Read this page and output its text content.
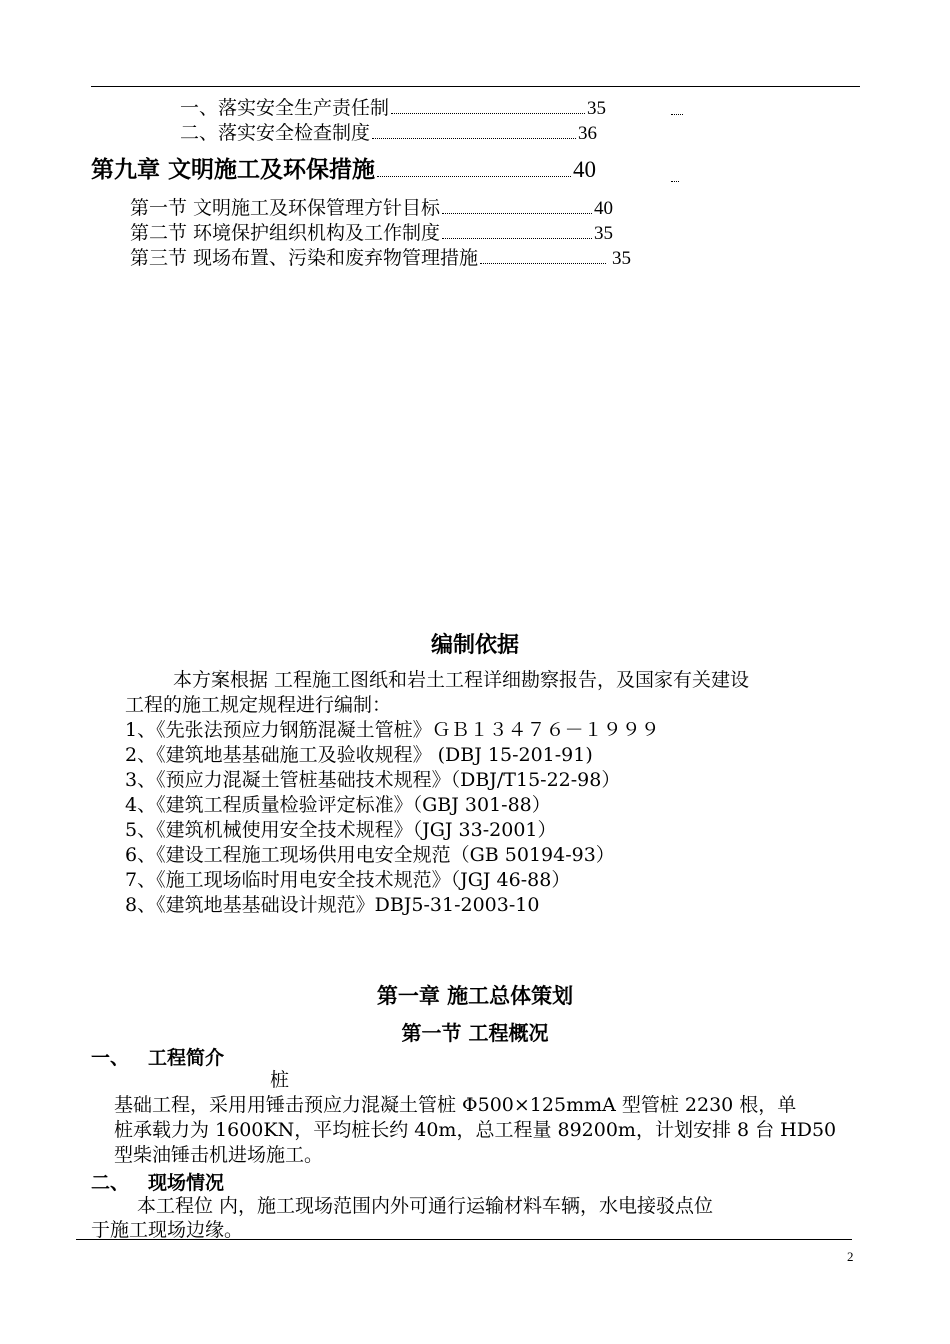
一、落实安全生产责任制	35
二、落实安全检查制度	36
第九章 文明施工及环保措施	40
第一节 文明施工及环保管理方针目标	40
第二节 环境保护组织机构及工作制度	35
第三节 现场布置、污染和废弃物管理措施	35
编制依据
本方案根据 工程施工图纸和岩土工程详细勘察报告，及国家有关建设
工程的施工规定规程进行编制：
1、《先张法预应力钢筋混凝土管桩》ＧＢ１３４７６－１９９９
2、《建筑地基基础施工及验收规程》 (DBJ 15-201-91)
3、《预应力混凝土管桩基础技术规程》（DBJ/T15-22-98）
4、《建筑工程质量检验评定标准》（GBJ 301-88）
5、《建筑机械使用安全技术规程》（JGJ 33-2001）
6、《建设工程施工现场供用电安全规范（GB 50194-93）
7、《施工现场临时用电安全技术规范》（JGJ 46-88）
8、《建筑地基基础设计规范》DBJ5-31-2003-10
第一章 施工总体策划
第一节 工程概况
一、 工程简介
桩
基础工程，采用用锤击预应力混凝土管桩 Φ500×125mmA 型管桩 2230 根，单
桩承载力为 1600KN，平均桩长约 40m，总工程量 89200m，计划安排 8 台 HD50
型柴油锤击机进场施工。
二、 现场情况
本工程位 内，施工现场范围内外可通行运输材料车辆，水电接驳点位
于施工现场边缘。
2
